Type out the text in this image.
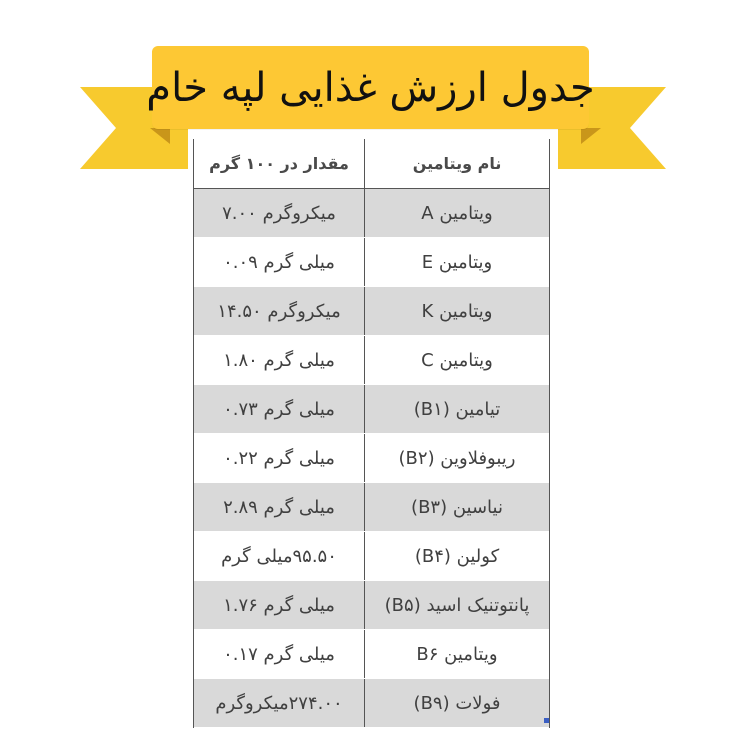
جدول ارزش غذایی لپه خام
نام ویتامین
مقدار در ۱۰۰ گرم
ویتامین A
میکروگرم ۷.۰۰
ویتامین E
میلی گرم ۰.۰۹
ویتامین K
میکروگرم ۱۴.۵۰
ویتامین C
میلی گرم ۱.۸۰
تیامین (B۱)
میلی گرم ۰.۷۳
ریبوفلاوین (B۲)
میلی گرم ۰.۲۲
نیاسین (B۳)
میلی گرم ۲.۸۹
کولین (B۴)
۹۵.۵۰میلی گرم
پانتوتنیک اسید (B۵)
میلی گرم ۱.۷۶
ویتامین B۶
میلی گرم ۰.۱۷
فولات (B۹)
۲۷۴.۰۰میکروگرم
